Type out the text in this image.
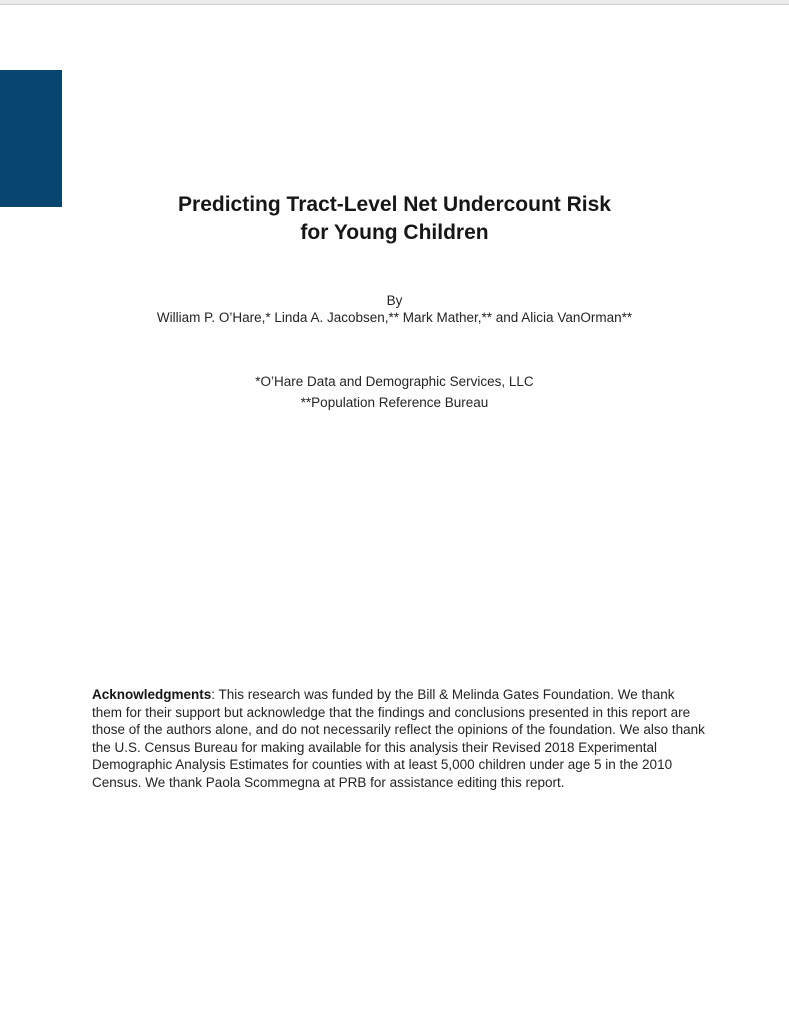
Predicting Tract-Level Net Undercount Risk
for Young Children
By
William P. O’Hare,* Linda A. Jacobsen,** Mark Mather,** and Alicia VanOrman**
*O’Hare Data and Demographic Services, LLC
**Population Reference Bureau
Acknowledgments: This research was funded by the Bill & Melinda Gates Foundation. We thank them for their support but acknowledge that the findings and conclusions presented in this report are those of the authors alone, and do not necessarily reflect the opinions of the foundation. We also thank the U.S. Census Bureau for making available for this analysis their Revised 2018 Experimental Demographic Analysis Estimates for counties with at least 5,000 children under age 5 in the 2010 Census. We thank Paola Scommegna at PRB for assistance editing this report.
